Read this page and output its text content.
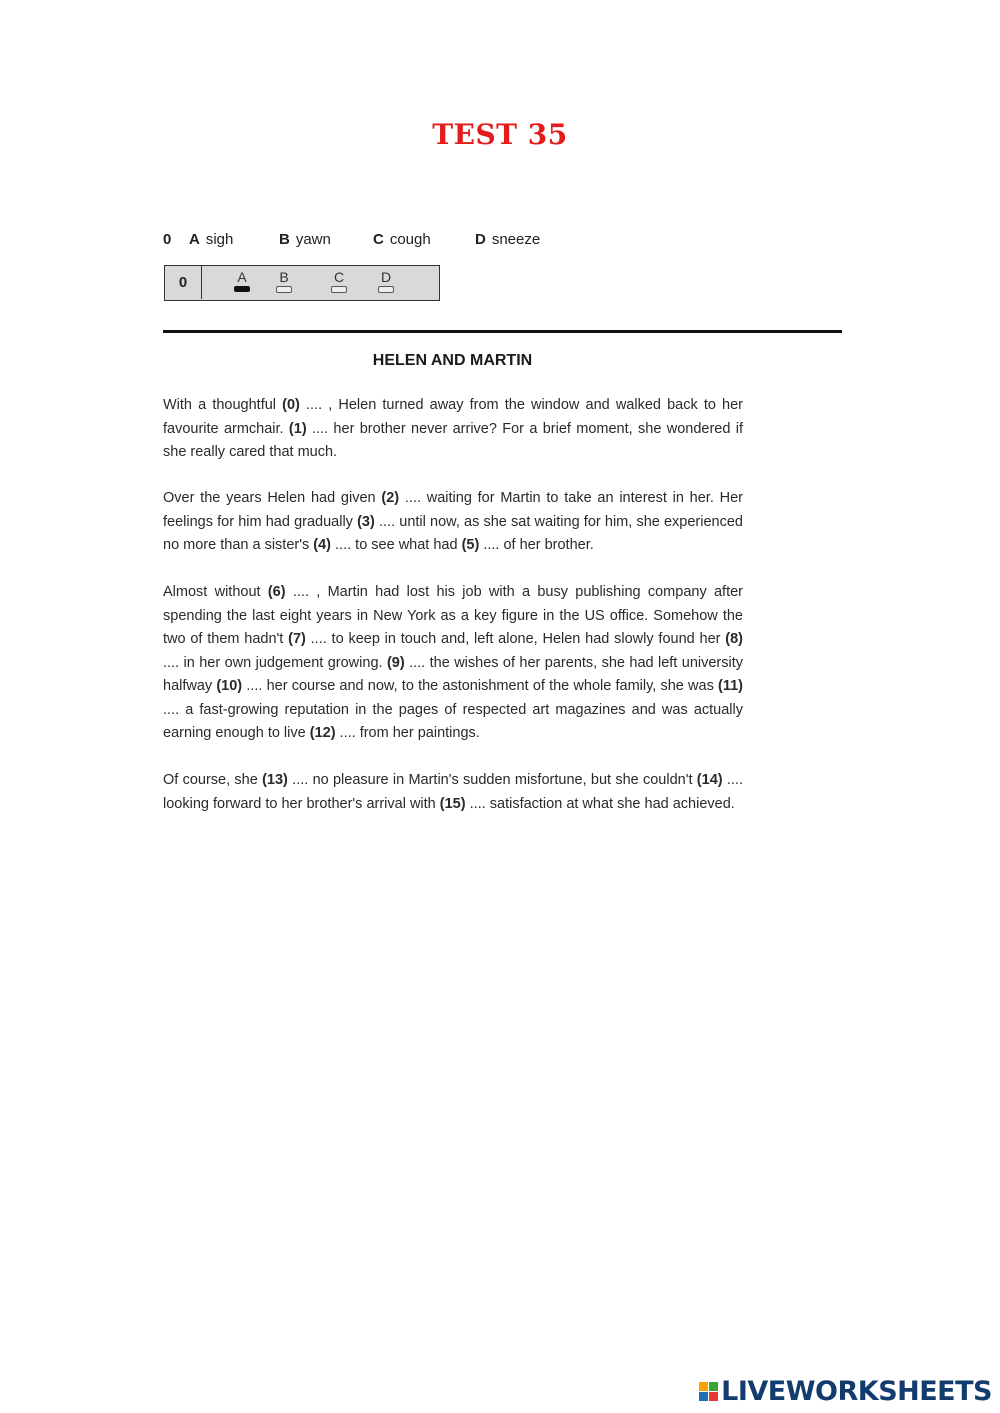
TEST 35
0 A sigh	B yawn	C cough	D sneeze
0	A	B	C	D
HELEN AND MARTIN
With a thoughtful (0) .... , Helen turned away from the window and walked back to her favourite armchair. (1) .... her brother never arrive? For a brief moment, she wondered if she really cared that much.
Over the years Helen had given (2) .... waiting for Martin to take an interest in her. Her feelings for him had gradually (3) .... until now, as she sat waiting for him, she experienced no more than a sister's (4) .... to see what had (5) .... of her brother.
Almost without (6) .... , Martin had lost his job with a busy publishing company after spending the last eight years in New York as a key figure in the US office. Somehow the two of them hadn't (7) .... to keep in touch and, left alone, Helen had slowly found her (8) .... in her own judgement growing. (9) .... the wishes of her parents, she had left university halfway (10) .... her course and now, to the astonishment of the whole family, she was (11) .... a fast-growing reputation in the pages of respected art magazines and was actually earning enough to live (12) .... from her paintings.
Of course, she (13) .... no pleasure in Martin's sudden misfortune, but she couldn't (14) .... looking forward to her brother's arrival with (15) .... satisfaction at what she had achieved.
LIVEWORKSHEETS
